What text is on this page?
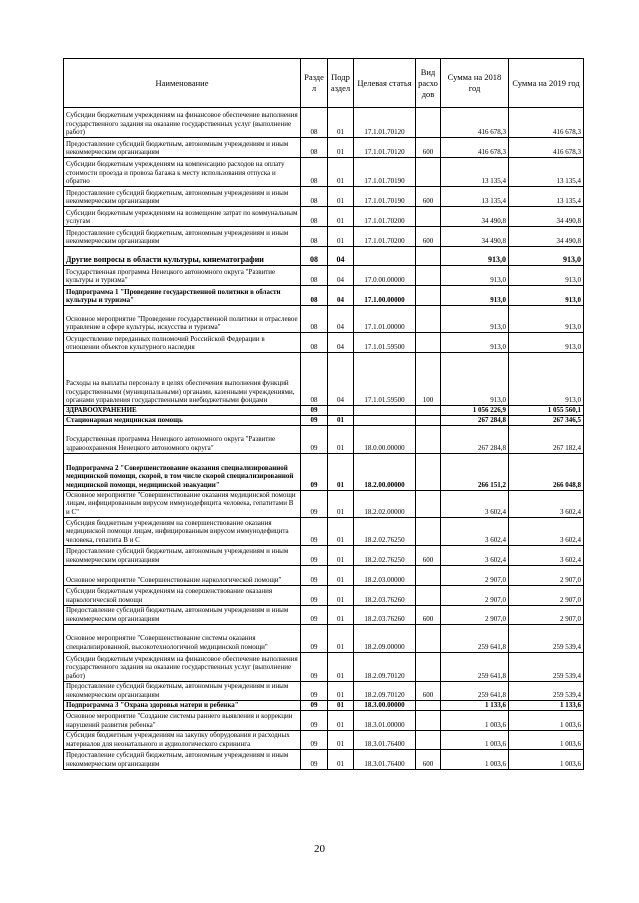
Наименование	Разде л	Подр аздел	Целевая статья	Вид расхо дов	Сумма на 2018 год	Сумма на 2019 год
Субсидии бюджетным учреждениям на финансовое обеспечение выполнения государственного задания на оказание государственных услуг (выполнение работ)	08	01	17.1.01.70120		416 678,3	416 678,3
Предоставление субсидий бюджетным, автономным учреждениям и иным некоммерческим организациям	08	01	17.1.01.70120	600	416 678,3	416 678,3
Субсидии бюджетным учреждениям на компенсацию расходов на оплату стоимости проезда и провоза багажа к месту использования отпуска и обратно	08	01	17.1.01.70190		13 135,4	13 135,4
Предоставление субсидий бюджетным, автономным учреждениям и иным некоммерческим организациям	08	01	17.1.01.70190	600	13 135,4	13 135,4
Субсидии бюджетным учреждениям на возмещение затрат по коммунальным услугам	08	01	17.1.01.70200		34 490,8	34 490,8
Предоставление субсидий бюджетным, автономным учреждениям и иным некоммерческим организациям	08	01	17.1.01.70200	600	34 490,8	34 490,8
Другие вопросы в области культуры, кинематографии	08	04			913,0	913,0
Государственная программа Ненецкого автономного округа "Развитие культуры и туризма"	08	04	17.0.00.00000		913,0	913,0
Подпрограмма 1 "Проведение государственной политики в области культуры и туризма"	08	04	17.1.00.00000		913,0	913,0
Основное мероприятие "Проведение государственной политики и отраслевое управление в сфере культуры, искусства и туризма"	08	04	17.1.01.00000		913,0	913,0
Осуществление переданных полномочий Российской Федерации в отношении объектов культурного наследия	08	04	17.1.01.59500		913,0	913,0
Расходы на выплаты персоналу в целях обеспечения выполнения функций государственными (муниципальными) органами, казенными учреждениями, органами управления государственными внебюджетными фондами	08	04	17.1.01.59500	100	913,0	913,0
ЗДРАВООХРАНЕНИЕ	09				1 056 226,9	1 055 560,1
Стационарная медицинская помощь	09	01			267 284,8	267 346,5
Государственная программа Ненецкого автономного округа "Развитие здравоохранения Ненецкого автономного округа"	09	01	18.0.00.00000		267 284,8	267 182,4
Подпрограмма 2 "Совершенствование оказания специализированной медицинской помощи, скорой, в том числе скорой специализированной медицинской помощи, медицинской эвакуации"	09	01	18.2.00.00000		266 151,2	266 048,8
Основное мероприятие "Совершенствование оказания медицинской помощи лицам, инфицированным вирусом иммунодефицита человека, гепатитами В и С"	09	01	18.2.02.00000		3 602,4	3 602,4
Субсидия бюджетным учреждениям на совершенствование оказания медицинской помощи лицам, инфицированным вирусом иммунодефицита человека, гепатита В и С	09	01	18.2.02.76250		3 602,4	3 602,4
Предоставление субсидий бюджетным, автономным учреждениям и иным некоммерческим организациям	09	01	18.2.02.76250	600	3 602,4	3 602,4
Основное мероприятие "Совершенствование наркологической помощи"	09	01	18.2.03.00000		2 907,0	2 907,0
Субсидии бюджетным учреждениям на совершенствование оказания наркологической помощи	09	01	18.2.03.76260		2 907,0	2 907,0
Предоставление субсидий бюджетным, автономным учреждениям и иным некоммерческим организациям	09	01	18.2.03.76260	600	2 907,0	2 907,0
Основное мероприятие "Совершенствование системы оказания специализированной, высокотехнологичной медицинской помощи"	09	01	18.2.09.00000		259 641,8	259 539,4
Субсидии бюджетным учреждениям на финансовое обеспечение выполнения государственного задания на оказание государственных услуг (выполнение работ)	09	01	18.2.09.70120		259 641,8	259 539,4
Предоставление субсидий бюджетным, автономным учреждениям и иным некоммерческим организациям	09	01	18.2.09.70120	600	259 641,8	259 539,4
Подпрограмма 3 "Охрана здоровья матери и ребенка"	09	01	18.3.00.00000		1 133,6	1 133,6
Основное мероприятие "Создание системы раннего выявления и коррекции нарушений развития ребенка"	09	01	18.3.01.00000		1 003,6	1 003,6
Субсидия бюджетным учреждениям на закупку оборудования и расходных материалов для неонатального и аудиологического скрининга	09	01	18.3.01.76400		1 003,6	1 003,6
Предоставление субсидий бюджетным, автономным учреждениям и иным некоммерческим организациям	09	01	18.3.01.76400	600	1 003,6	1 003,6
20
